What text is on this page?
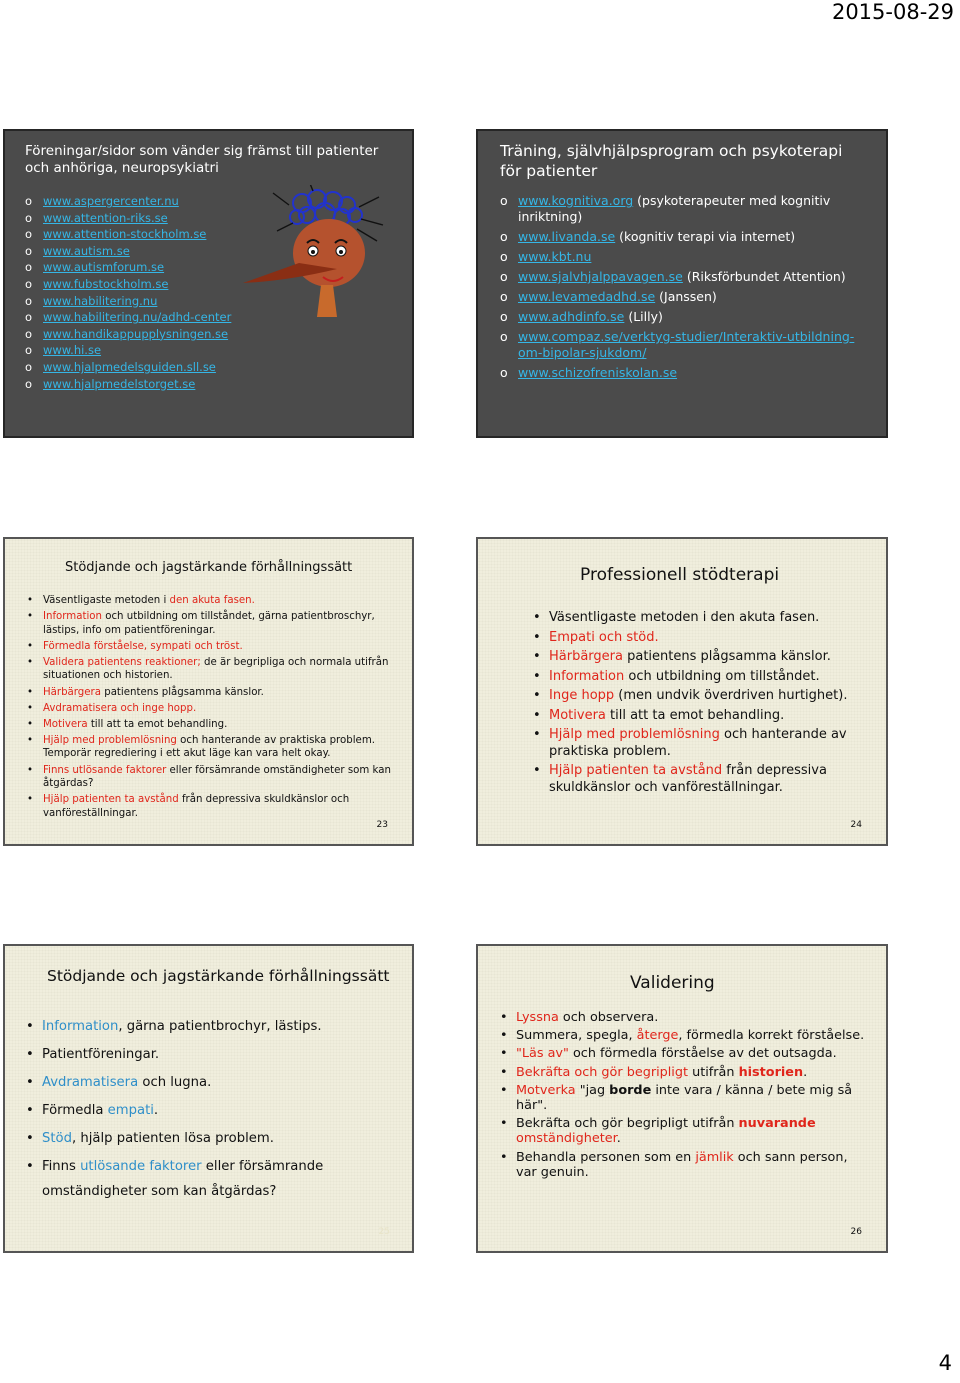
2015-08-29
Föreningar/sidor som vänder sig främst till patienter och anhöriga, neuropsykiatri
o www.aspergercenter.nu
o www.attention-riks.se
o www.attention-stockholm.se
o www.autism.se
o www.autismforum.se
o www.fubstockholm.se
o www.habilitering.nu
o www.habilitering.nu/adhd-center
o www.handikappupplysningen.se
o www.hi.se
o www.hjalpmedelsguiden.sll.se
o www.hjalpmedelstorget.se
Träning, självhjälpsprogram och psykoterapi för patienter
o www.kognitiva.org (psykoterapeuter med kognitiv inriktning)
o www.livanda.se (kognitiv terapi via internet)
o www.kbt.nu
o www.sjalvhjalppavagen.se (Riksförbundet Attention)
o www.levamedadhd.se (Janssen)
o www.adhdinfo.se (Lilly)
o www.compaz.se/verktyg-studier/Interaktiv-utbildning-om-bipolar-sjukdom/
o www.schizofreniskolan.se
Stödjande och jagstärkande förhållningssätt
• Väsentligaste metoden i den akuta fasen.
• Information och utbildning om tillståndet, gärna patientbroschyr, lästips, info om patientföreningar.
• Förmedla förståelse, sympati och tröst.
• Validera patientens reaktioner; de är begripliga och normala utifrån situationen och historien.
• Härbärgera patientens plågsamma känslor.
• Avdramatisera och inge hopp.
• Motivera till att ta emot behandling.
• Hjälp med problemlösning och hanterande av praktiska problem. Temporär regrediering i ett akut läge kan vara helt okay.
• Finns utlösande faktorer eller försämrande omständigheter som kan åtgärdas?
• Hjälp patienten ta avstånd från depressiva skuldkänslor och vanföreställningar.
23
Professionell stödterapi
• Väsentligaste metoden i den akuta fasen.
• Empati och stöd.
• Härbärgera patientens plågsamma känslor.
• Information och utbildning om tillståndet.
• Inge hopp (men undvik överdriven hurtighet).
• Motivera till att ta emot behandling.
• Hjälp med problemlösning och hanterande av praktiska problem.
• Hjälp patienten ta avstånd från depressiva skuldkänslor och vanföreställningar.
24
Stödjande och jagstärkande förhållningssätt
• Information, gärna patientbrochyr, lästips.
• Patientföreningar.
• Avdramatisera och lugna.
• Förmedla empati.
• Stöd, hjälp patienten lösa problem.
• Finns utlösande faktorer eller försämrande omständigheter som kan åtgärdas?
25
Validering
• Lyssna och observera.
• Summera, spegla, återge, förmedla korrekt förståelse.
• "Läs av" och förmedla förståelse av det outsagda.
• Bekräfta och gör begripligt utifrån historien.
• Motverka "jag borde inte vara / känna / bete mig så här".
• Bekräfta och gör begripligt utifrån nuvarande omständigheter.
• Behandla personen som en jämlik och sann person, var genuin.
26
4
